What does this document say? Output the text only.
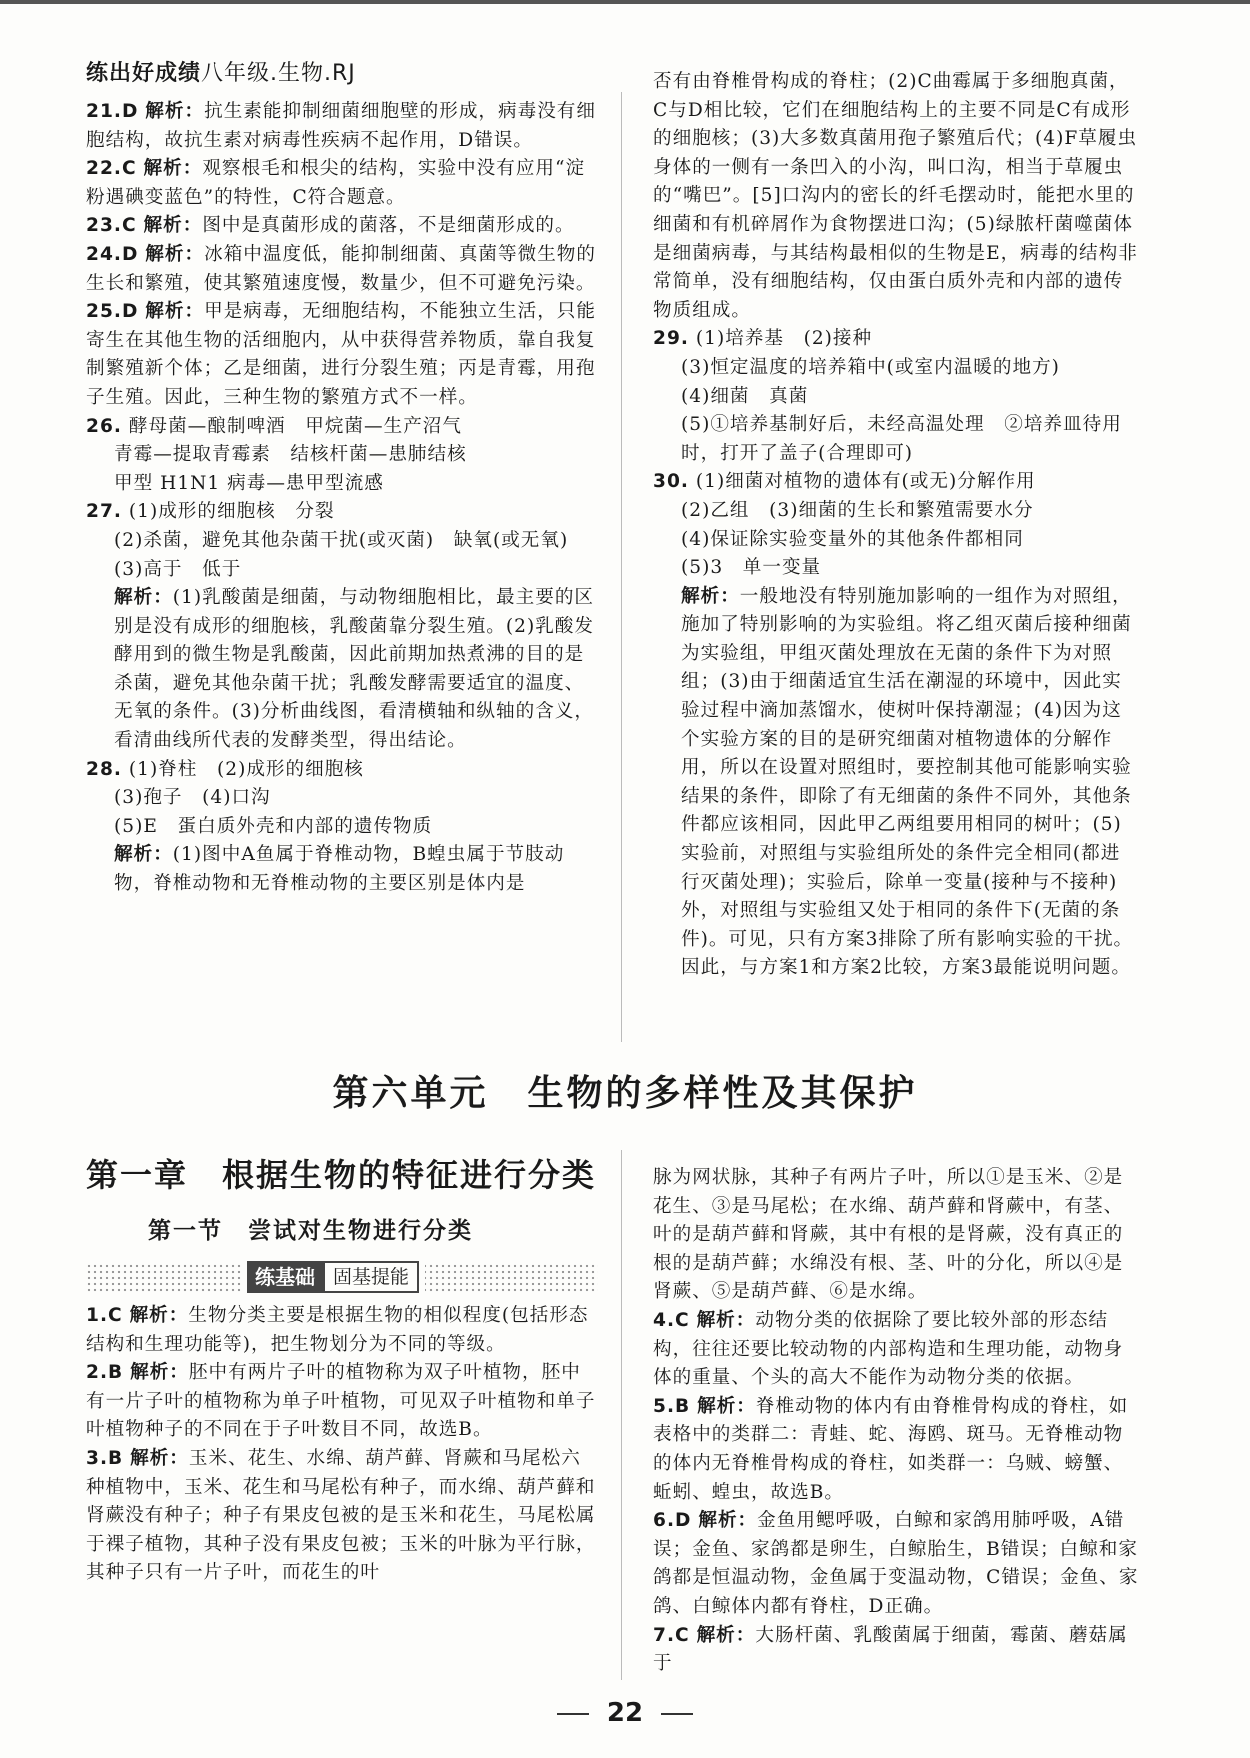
练出好成绩八年级.生物.RJ

21.D 解析：抗生素能抑制细菌细胞壁的形成，病毒没有细胞结构，故抗生素对病毒性疾病不起作用，D错误。

22.C 解析：观察根毛和根尖的结构，实验中没有应用“淀粉遇碘变蓝色”的特性，C符合题意。

23.C 解析：图中是真菌形成的菌落，不是细菌形成的。

24.D 解析：冰箱中温度低，能抑制细菌、真菌等微生物的生长和繁殖，使其繁殖速度慢，数量少，但不可避免污染。

25.D 解析：甲是病毒，无细胞结构，不能独立生活，只能寄生在其他生物的活细胞内，从中获得营养物质，靠自我复制繁殖新个体；乙是细菌，进行分裂生殖；丙是青霉，用孢子生殖。因此，三种生物的繁殖方式不一样。

26. 酵母菌—酿制啤酒　甲烷菌—生产沼气

青霉—提取青霉素　结核杆菌—患肺结核

甲型 H1N1 病毒—患甲型流感

27. (1)成形的细胞核　分裂

(2)杀菌，避免其他杂菌干扰(或灭菌)　缺氧(或无氧)

(3)高于　低于

解析：(1)乳酸菌是细菌，与动物细胞相比，最主要的区别是没有成形的细胞核，乳酸菌靠分裂生殖。(2)乳酸发酵用到的微生物是乳酸菌，因此前期加热煮沸的目的是杀菌，避免其他杂菌干扰；乳酸发酵需要适宜的温度、无氧的条件。(3)分析曲线图，看清横轴和纵轴的含义，看清曲线所代表的发酵类型，得出结论。

28. (1)脊柱　(2)成形的细胞核

(3)孢子　(4)口沟

(5)E　蛋白质外壳和内部的遗传物质

解析：(1)图中A鱼属于脊椎动物，B蝗虫属于节肢动物，脊椎动物和无脊椎动物的主要区别是体内是

否有由脊椎骨构成的脊柱；(2)C曲霉属于多细胞真菌，C与D相比较，它们在细胞结构上的主要不同是C有成形的细胞核；(3)大多数真菌用孢子繁殖后代；(4)F草履虫身体的一侧有一条凹入的小沟，叫口沟，相当于草履虫的“嘴巴”。[5]口沟内的密长的纤毛摆动时，能把水里的细菌和有机碎屑作为食物摆进口沟；(5)绿脓杆菌噬菌体是细菌病毒，与其结构最相似的生物是E，病毒的结构非常简单，没有细胞结构，仅由蛋白质外壳和内部的遗传物质组成。

29. (1)培养基　(2)接种

(3)恒定温度的培养箱中(或室内温暖的地方)

(4)细菌　真菌

(5)①培养基制好后，未经高温处理　②培养皿待用时，打开了盖子(合理即可)

30. (1)细菌对植物的遗体有(或无)分解作用

(2)乙组　(3)细菌的生长和繁殖需要水分

(4)保证除实验变量外的其他条件都相同

(5)3　单一变量

解析：一般地没有特别施加影响的一组作为对照组，施加了特别影响的为实验组。将乙组灭菌后接种细菌为实验组，甲组灭菌处理放在无菌的条件下为对照组；(3)由于细菌适宜生活在潮湿的环境中，因此实验过程中滴加蒸馏水，使树叶保持潮湿；(4)因为这个实验方案的目的是研究细菌对植物遗体的分解作用，所以在设置对照组时，要控制其他可能影响实验结果的条件，即除了有无细菌的条件不同外，其他条件都应该相同，因此甲乙两组要用相同的树叶；(5)实验前，对照组与实验组所处的条件完全相同(都进行灭菌处理)；实验后，除单一变量(接种与不接种)外，对照组与实验组又处于相同的条件下(无菌的条件)。可见，只有方案3排除了所有影响实验的干扰。因此，与方案1和方案2比较，方案3最能说明问题。

第六单元　生物的多样性及其保护
第一章　根据生物的特征进行分类
第一节　尝试对生物进行分类
练基础 固基提能

1.C 解析：生物分类主要是根据生物的相似程度(包括形态结构和生理功能等)，把生物划分为不同的等级。

2.B 解析：胚中有两片子叶的植物称为双子叶植物，胚中有一片子叶的植物称为单子叶植物，可见双子叶植物和单子叶植物种子的不同在于子叶数目不同，故选B。

3.B 解析：玉米、花生、水绵、葫芦藓、肾蕨和马尾松六种植物中，玉米、花生和马尾松有种子，而水绵、葫芦藓和肾蕨没有种子；种子有果皮包被的是玉米和花生，马尾松属于裸子植物，其种子没有果皮包被；玉米的叶脉为平行脉，其种子只有一片子叶，而花生的叶

脉为网状脉，其种子有两片子叶，所以①是玉米、②是花生、③是马尾松；在水绵、葫芦藓和肾蕨中，有茎、叶的是葫芦藓和肾蕨，其中有根的是肾蕨，没有真正的根的是葫芦藓；水绵没有根、茎、叶的分化，所以④是肾蕨、⑤是葫芦藓、⑥是水绵。

4.C 解析：动物分类的依据除了要比较外部的形态结构，往往还要比较动物的内部构造和生理功能，动物身体的重量、个头的高大不能作为动物分类的依据。

5.B 解析：脊椎动物的体内有由脊椎骨构成的脊柱，如表格中的类群二：青蛙、蛇、海鸥、斑马。无脊椎动物的体内无脊椎骨构成的脊柱，如类群一：乌贼、螃蟹、蚯蚓、蝗虫，故选B。

6.D 解析：金鱼用鳃呼吸，白鲸和家鸽用肺呼吸，A错误；金鱼、家鸽都是卵生，白鲸胎生，B错误；白鲸和家鸽都是恒温动物，金鱼属于变温动物，C错误；金鱼、家鸽、白鲸体内都有脊柱，D正确。

7.C 解析：大肠杆菌、乳酸菌属于细菌，霉菌、蘑菇属于

22
